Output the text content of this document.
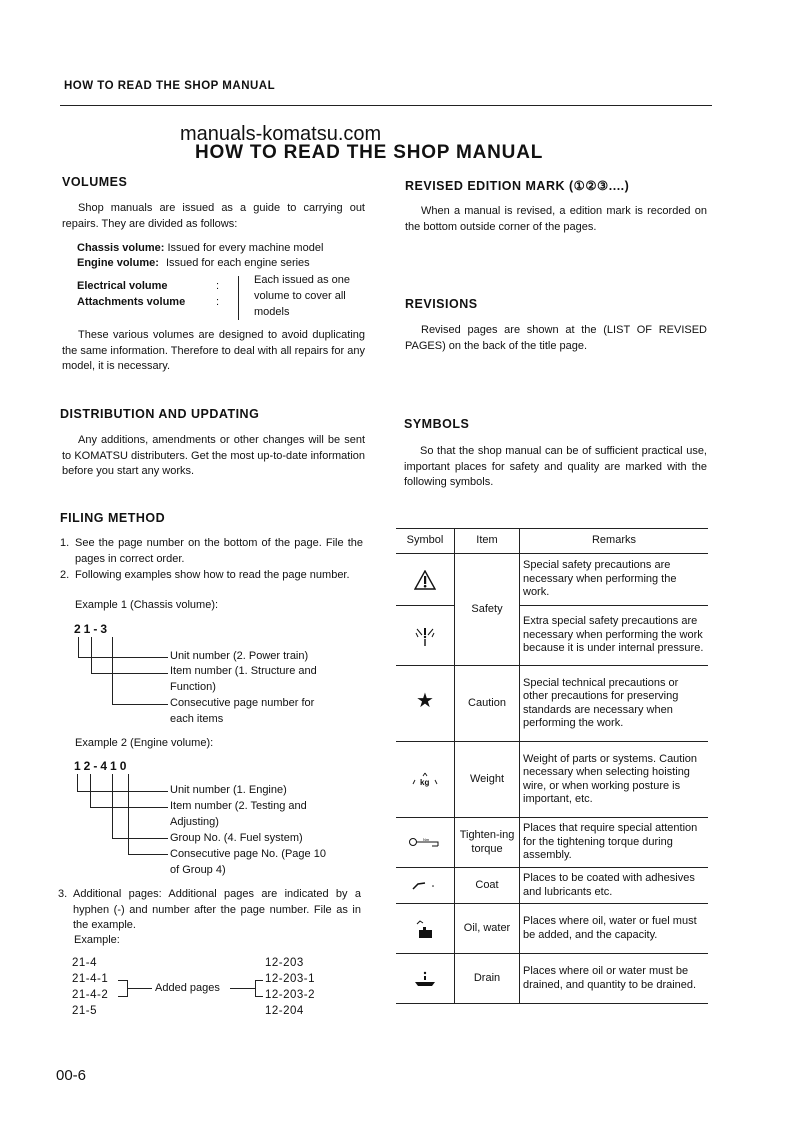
HOW TO READ THE SHOP MANUAL
manuals-komatsu.com
HOW TO READ THE SHOP MANUAL
VOLUMES
Shop manuals are issued as a guide to carrying out repairs. They are divided as follows:
Chassis volume: Issued for every machine model
Engine volume: Issued for each engine series
Electrical volume	:
Attachments volume	:
Each issued as one
volume to cover all
models
These various volumes are designed to avoid duplicating the same information. Therefore to deal with all repairs for any model, it is necessary.
DISTRIBUTION AND UPDATING
Any additions, amendments or other changes will be sent to KOMATSU distributers. Get the most up-to-date information before you start any works.
FILING METHOD
1. See the page number on the bottom of the page. File the pages in correct order.
2. Following examples show how to read the page number.
Example 1 (Chassis volume):
21-3
Unit number (2. Power train)
Item number (1. Structure and
Function)
Consecutive page number for
each items
Example 2 (Engine volume):
12-410
Unit number (1. Engine)
Item number (2. Testing and
Adjusting)
Group No. (4. Fuel system)
Consecutive page No. (Page 10
of Group 4)
3. Additional pages: Additional pages are indicated by a hyphen (-) and number after the page number. File as in the example.
Example:
21-4
21-4-1
21-4-2
21-5
Added pages
12-203
12-203-1
12-203-2
12-204
REVISED EDITION MARK (①②③....)
When a manual is revised, a edition mark is recorded on the bottom outside corner of the pages.
REVISIONS
Revised pages are shown at the (LIST OF REVISED PAGES) on the back of the title page.
SYMBOLS
So that the shop manual can be of sufficient practical use, important places for safety and quality are marked with the following symbols.
Symbol	Item	Remarks
	Safety	Special safety precautions are necessary when performing the work.
	Extra special safety precautions are necessary when performing the work because it is under internal pressure.
★	Caution	Special technical precautions or other precautions for preserving standards are necessary when performing the work.

kg	Weight	Weight of parts or systems. Caution necessary when selecting hoisting wire, or when working posture is important, etc.

Nm	Tighten-ing torque	Places that require special attention for the tightening torque during assembly.
	Coat	Places to be coated with adhesives and lubricants etc.
	Oil, water	Places where oil, water or fuel must be added, and the capacity.
	Drain	Places where oil or water must be drained, and quantity to be drained.
00-6
